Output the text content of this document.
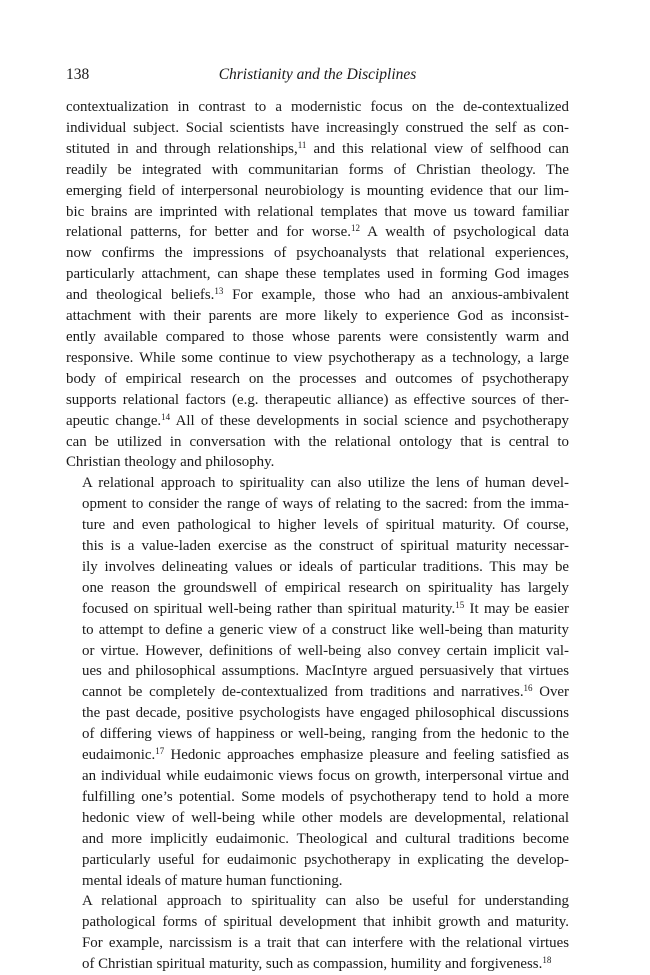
138	Christianity and the Disciplines

contextualization in contrast to a modernistic focus on the de-contextualized
individual subject. Social scientists have increasingly construed the self as con-
stituted in and through relationships,$^{11}$ and this relational view of selfhood can
readily be integrated with communitarian forms of Christian theology. The
emerging field of interpersonal neurobiology is mounting evidence that our lim-
bic brains are imprinted with relational templates that move us toward familiar
relational patterns, for better and for worse.$^{12}$ A wealth of psychological data
now confirms the impressions of psychoanalysts that relational experiences,
particularly attachment, can shape these templates used in forming God images
and theological beliefs.$^{13}$ For example, those who had an anxious-ambivalent
attachment with their parents are more likely to experience God as inconsist-
ently available compared to those whose parents were consistently warm and
responsive. While some continue to view psychotherapy as a technology, a large
body of empirical research on the processes and outcomes of psychotherapy
supports relational factors (e.g. therapeutic alliance) as effective sources of ther-
apeutic change.$^{14}$ All of these developments in social science and psychotherapy
can be utilized in conversation with the relational ontology that is central to
Christian theology and philosophy.

A relational approach to spirituality can also utilize the lens of human devel-
opment to consider the range of ways of relating to the sacred: from the imma-
ture and even pathological to higher levels of spiritual maturity. Of course,
this is a value-laden exercise as the construct of spiritual maturity necessar-
ily involves delineating values or ideals of particular traditions. This may be
one reason the groundswell of empirical research on spirituality has largely
focused on spiritual well-being rather than spiritual maturity.$^{15}$ It may be easier
to attempt to define a generic view of a construct like well-being than maturity
or virtue. However, definitions of well-being also convey certain implicit val-
ues and philosophical assumptions. MacIntyre argued persuasively that virtues
cannot be completely de-contextualized from traditions and narratives.$^{16}$ Over
the past decade, positive psychologists have engaged philosophical discussions
of differing views of happiness or well-being, ranging from the hedonic to the
eudaimonic.$^{17}$ Hedonic approaches emphasize pleasure and feeling satisfied as
an individual while eudaimonic views focus on growth, interpersonal virtue and
fulfilling one’s potential. Some models of psychotherapy tend to hold a more
hedonic view of well-being while other models are developmental, relational
and more implicitly eudaimonic. Theological and cultural traditions become
particularly useful for eudaimonic psychotherapy in explicating the develop-
mental ideals of mature human functioning.

A relational approach to spirituality can also be useful for understanding
pathological forms of spiritual development that inhibit growth and maturity.
For example, narcissism is a trait that can interfere with the relational virtues
of Christian spiritual maturity, such as compassion, humility and forgiveness.$^{18}$
